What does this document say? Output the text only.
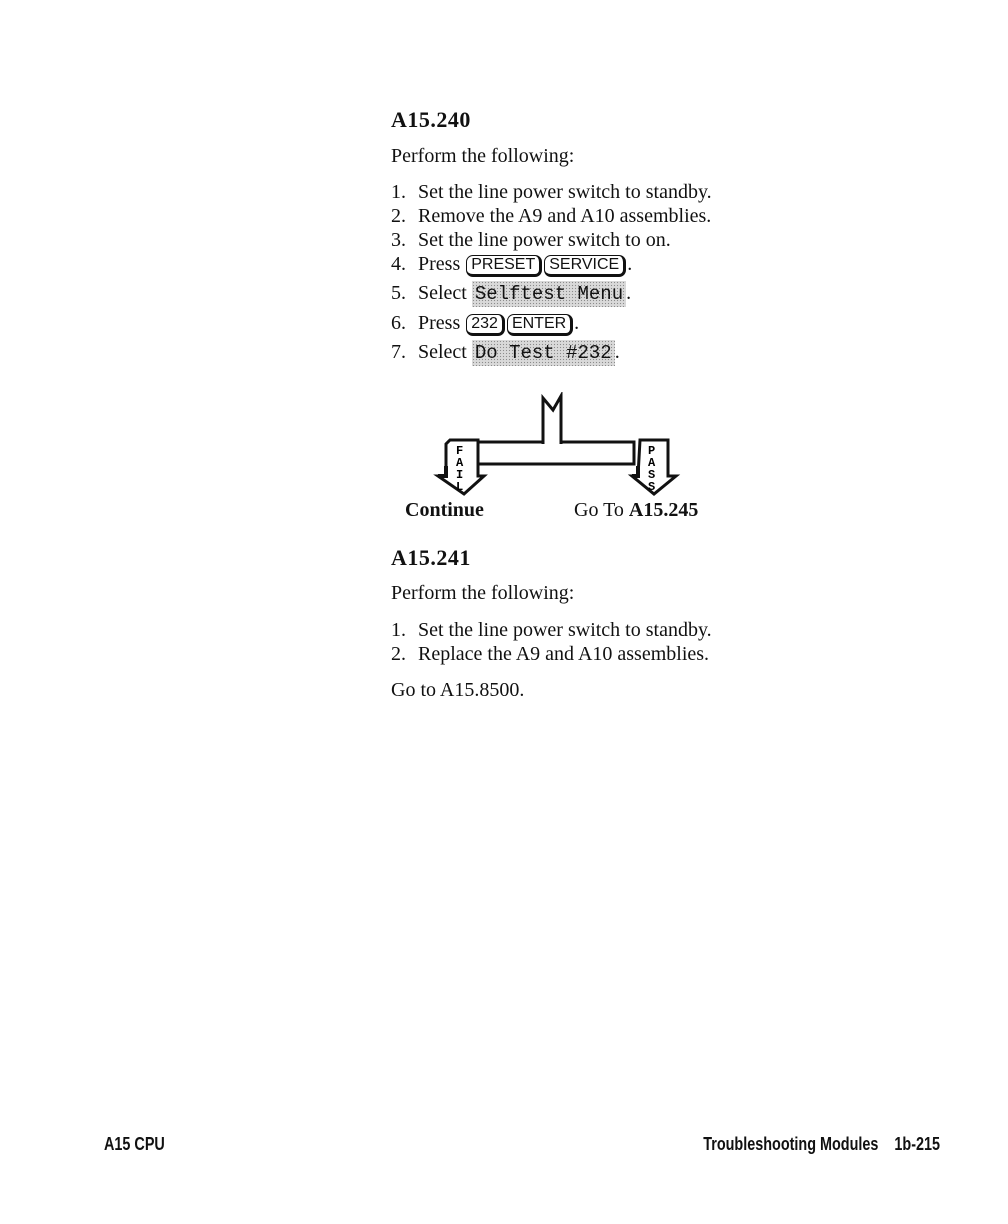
A15.240
Perform the following:
1. Set the line power switch to standby.
2. Remove the A9 and A10 assemblies.
3. Set the line power switch to on.
4. Press PRESET SERVICE .
5. Select Selftest Menu .
6. Press 232 ENTER .
7. Select Do Test #232 .
F
A
I
L
P
A
S
S
Continue	Go To A15.245
A15.241
Perform the following:
1. Set the line power switch to standby.
2. Replace the A9 and A10 assemblies.
Go to A15.8500.
A15 CPU	Troubleshooting Modules 1b-215
